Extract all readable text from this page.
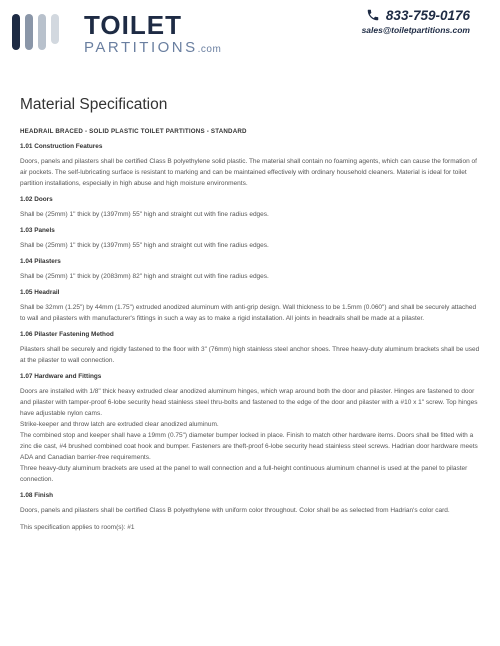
TOILET
PARTITIONS.com
833-759-0176
sales@toiletpartitions.com
Material Specification
HEADRAIL BRACED - SOLID PLASTIC TOILET PARTITIONS - STANDARD
1.01 Construction Features
Doors, panels and pilasters shall be certified Class B polyethylene solid plastic. The material shall contain no foaming agents, which can cause the formation of air pockets. The self-lubricating surface is resistant to marking and can be maintained effectively with ordinary household cleaners. Material is ideal for toilet partition installations, especially in high abuse and high moisture environments.
1.02 Doors
Shall be (25mm) 1" thick by (1397mm) 55" high and straight cut with fine radius edges.
1.03 Panels
Shall be (25mm) 1" thick by (1397mm) 55" high and straight cut with fine radius edges.
1.04 Pilasters
Shall be (25mm) 1" thick by (2083mm) 82" high and straight cut with fine radius edges.
1.05 Headrail
Shall be 32mm (1.25") by 44mm (1.75") extruded anodized aluminum with anti-grip design. Wall thickness to be 1.5mm (0.060") and shall be securely attached to wall and pilasters with manufacturer's fittings in such a way as to make a rigid installation. All joints in headrails shall be made at a pilaster.
1.06 Pilaster Fastening Method
Pilasters shall be securely and rigidly fastened to the floor with 3" (76mm) high stainless steel anchor shoes. Three heavy-duty aluminum brackets shall be used at the pilaster to wall connection.
1.07 Hardware and Fittings
Doors are installed with 1/8" thick heavy extruded clear anodized aluminum hinges, which wrap around both the door and pilaster. Hinges are fastened to door and pilaster with tamper-proof 6-lobe security head stainless steel thru-bolts and fastened to the edge of the door and pilaster with a #10 x 1" screw. Top hinges have adjustable nylon cams.
Strike-keeper and throw latch are extruded clear anodized aluminum.
The combined stop and keeper shall have a 19mm (0.75") diameter bumper locked in place. Finish to match other hardware items. Doors shall be fitted with a zinc die cast, #4 brushed combined coat hook and bumper. Fasteners are theft-proof 6-lobe security head stainless steel screws. Hadrian door hardware meets ADA and Canadian barrier-free requirements.
Three heavy-duty aluminum brackets are used at the panel to wall connection and a full-height continuous aluminum channel is used at the panel to pilaster connection.
1.08 Finish
Doors, panels and pilasters shall be certified Class B polyethylene with uniform color throughout. Color shall be as selected from Hadrian's color card.
This specification applies to room(s): #1
